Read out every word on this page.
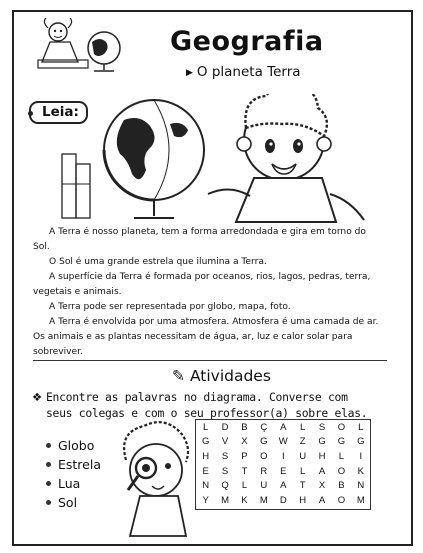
Geografia
▶ O planeta Terra
Leia:
A Terra é nosso planeta, tem a forma arredondada e gira em torno do Sol.
O Sol é uma grande estrela que ilumina a Terra.
A superfície da Terra é formada por oceanos, rios, lagos, pedras, terra, vegetais e animais.
A Terra pode ser representada por globo, mapa, foto.
A Terra é envolvida por uma atmosfera. Atmosfera é uma camada de ar. Os animais e as plantas necessitam de água, ar, luz e calor solar para sobreviver.
✎ Atividades
❖ Encontre as palavras no diagrama. Converse com seus colegas e com o seu professor(a) sobre elas.
Globo
Estrela
Lua
Sol
L	D	B	Ç	A	L	S	O	L
G	V	X	G	W	Z	G	G	G
H	S	P	O	I	U	H	L	I
E	S	T	R	E	L	A	O	K
N	Q	L	U	A	T	X	B	N
Y	M	K	M	D	H	A	O	M
